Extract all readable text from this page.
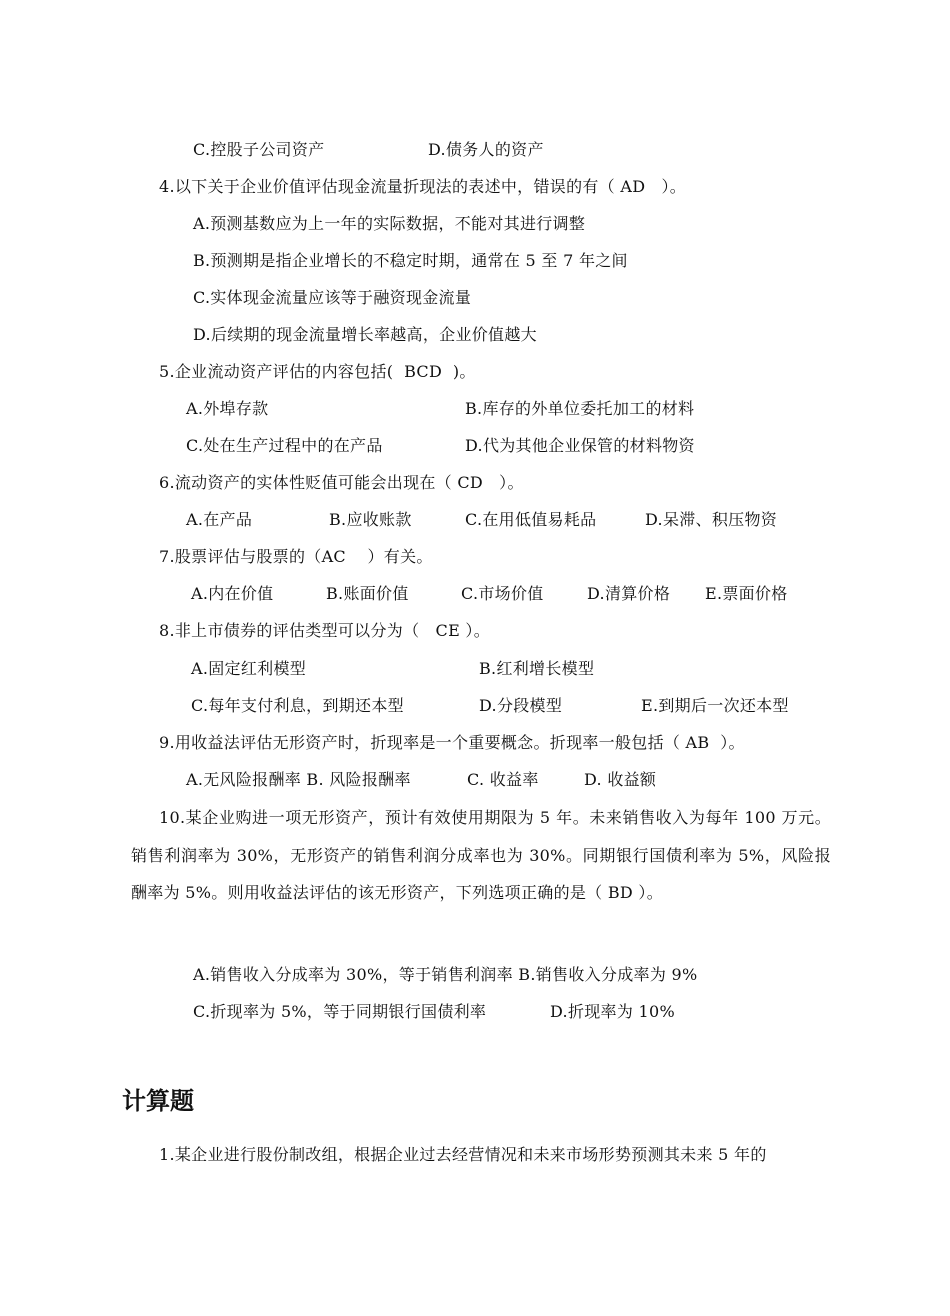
C.控股子公司资产	D.债务人的资产
4.以下关于企业价值评估现金流量折现法的表述中，错误的有（ AD   ）。
A.预测基数应为上一年的实际数据，不能对其进行调整
B.预测期是指企业增长的不稳定时期，通常在 5 至 7 年之间
C.实体现金流量应该等于融资现金流量
D.后续期的现金流量增长率越高，企业价值越大
5.企业流动资产评估的内容包括(  BCD  )。
A.外埠存款	B.库存的外单位委托加工的材料
C.处在生产过程中的在产品	D.代为其他企业保管的材料物资
6.流动资产的实体性贬值可能会出现在（ CD   ）。
A.在产品	B.应收账款	C.在用低值易耗品	D.呆滞、积压物资
7.股票评估与股票的（AC    ）有关。
A.内在价值	B.账面价值	C.市场价值	D.清算价格 E.票面价格
8.非上市债券的评估类型可以分为（   CE ）。
A.固定红利模型	B.红利增长模型
C.每年支付利息，到期还本型	D.分段模型	E.到期后一次还本型
9.用收益法评估无形资产时，折现率是一个重要概念。折现率一般包括（ AB  ）。
A.无风险报酬率 B. 风险报酬率	C. 收益率	D. 收益额
10.某企业购进一项无形资产，预计有效使用期限为 5 年。未来销售收入为每年 100 万元。销售利润率为 30%，无形资产的销售利润分成率也为 30%。同期银行国债利率为 5%，风险报酬率为 5%。则用收益法评估的该无形资产，下列选项正确的是（ BD ）。
A.销售收入分成率为 30%，等于销售利润率 B.销售收入分成率为 9%
C.折现率为 5%，等于同期银行国债利率	D.折现率为 10%
计算题
1.某企业进行股份制改组，根据企业过去经营情况和未来市场形势预测其未来 5 年的
